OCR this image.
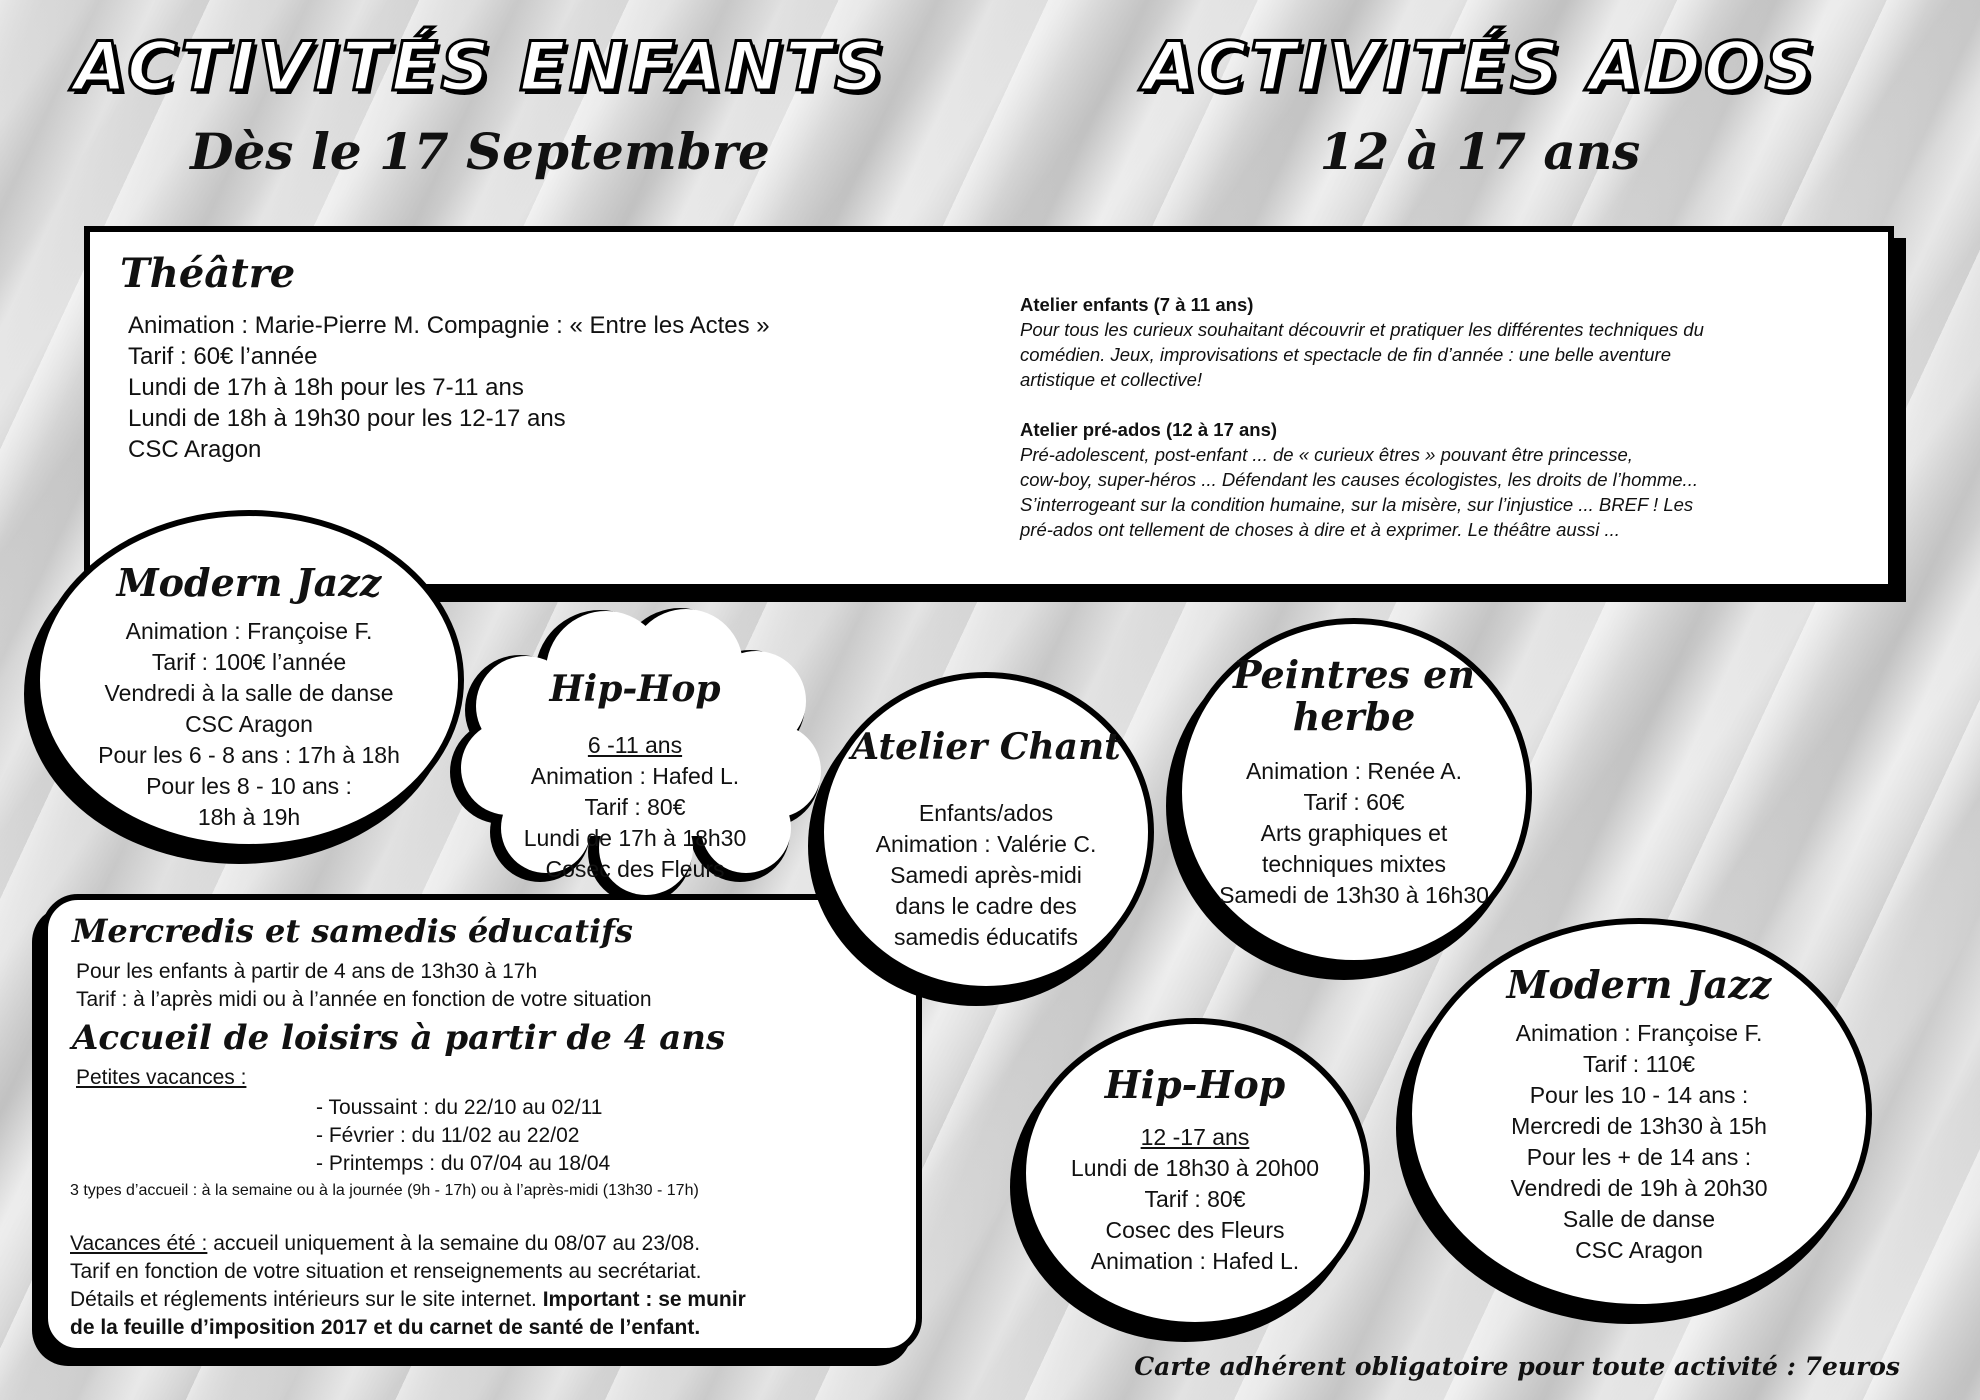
ACTIVITÉS ENFANTS
Dès le 17 Septembre
ACTIVITÉS ADOS
12 à 17 ans
Théâtre
Animation : Marie-Pierre M. Compagnie : « Entre les Actes »
Tarif : 60€ l’année
Lundi de 17h à 18h pour les 7-11 ans
Lundi de 18h à 19h30 pour les 12-17 ans
CSC Aragon
Atelier enfants (7 à 11 ans)
Pour tous les curieux souhaitant découvrir et pratiquer les différentes techniques du
comédien. Jeux, improvisations et spectacle de fin d’année : une belle aventure
artistique et collective!
Atelier pré-ados (12 à 17 ans)
Pré-adolescent, post-enfant ... de « curieux êtres » pouvant être princesse,
cow-boy, super-héros ... Défendant les causes écologistes, les droits de l’homme...
S’interrogeant sur la condition humaine, sur la misère, sur l’injustice ... BREF ! Les
pré-ados ont tellement de choses à dire et à exprimer. Le théâtre aussi ...
Mercredis et samedis éducatifs
Pour les enfants à partir de 4 ans de 13h30 à 17h
Tarif : à l’après midi ou à l’année en fonction de votre situation
Accueil de loisirs à partir de 4 ans
Petites vacances :
- Toussaint : du 22/10 au 02/11
- Février : du 11/02 au 22/02
- Printemps : du 07/04 au 18/04
3 types d’accueil : à la semaine ou à la journée (9h - 17h) ou à l’après-midi (13h30 - 17h)
Vacances été : accueil uniquement à la semaine du 08/07 au 23/08.
Tarif en fonction de votre situation et renseignements au secrétariat.
Détails et réglements intérieurs sur le site internet. Important : se munir
de la feuille d’imposition 2017 et du carnet de santé de l’enfant.
Modern Jazz
Animation : Françoise F.
Tarif : 100€ l’année
Vendredi à la salle de danse
CSC Aragon
Pour les 6 - 8 ans : 17h à 18h
Pour les 8 - 10 ans :
18h à 19h
Hip-Hop
6 -11 ans
Animation : Hafed L.
Tarif : 80€
Lundi de 17h à 18h30
Cosec des Fleurs
Atelier Chant
Enfants/ados
Animation : Valérie C.
Samedi après-midi
dans le cadre des
samedis éducatifs
Peintres en
herbe
Animation : Renée A.
Tarif : 60€
Arts graphiques et
techniques mixtes
Samedi de 13h30 à 16h30
Modern Jazz
Animation : Françoise F.
Tarif : 110€
Pour les 10 - 14 ans :
Mercredi de 13h30 à 15h
Pour les + de 14 ans :
Vendredi de 19h à 20h30
Salle de danse
CSC Aragon
Hip-Hop
12 -17 ans
Lundi de 18h30 à 20h00
Tarif : 80€
Cosec des Fleurs
Animation : Hafed L.
Carte adhérent obligatoire pour toute activité : 7euros
